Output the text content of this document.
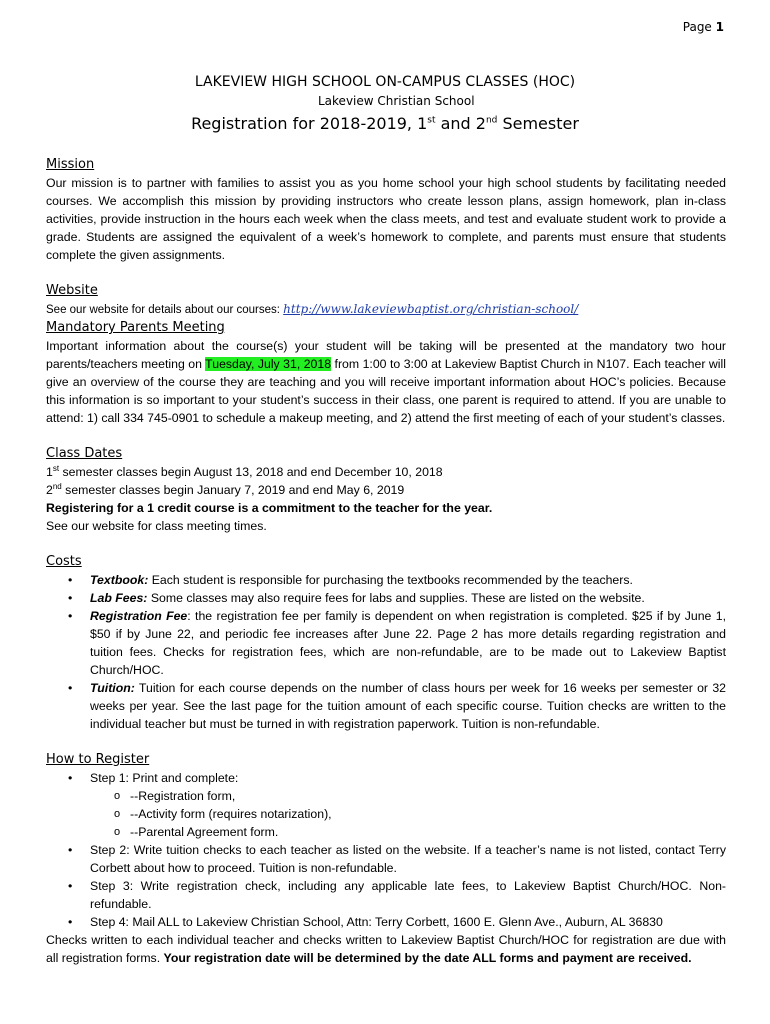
Page 1
LAKEVIEW HIGH SCHOOL ON-CAMPUS CLASSES (HOC)
Lakeview Christian School
Registration for 2018-2019, 1st and 2nd Semester
Mission

Our mission is to partner with families to assist you as you home school your high school students by facilitating needed courses. We accomplish this mission by providing instructors who create lesson plans, assign homework, plan in-class activities, provide instruction in the hours each week when the class meets, and test and evaluate student work to provide a grade. Students are assigned the equivalent of a week’s homework to complete, and parents must ensure that students complete the given assignments.

Website
See our website for details about our courses: http://www.lakeviewbaptist.org/christian-school/
Mandatory Parents Meeting

Important information about the course(s) your student will be taking will be presented at the mandatory two hour parents/teachers meeting on Tuesday, July 31, 2018 from 1:00 to 3:00 at Lakeview Baptist Church in N107. Each teacher will give an overview of the course they are teaching and you will receive important information about HOC’s policies. Because this information is so important to your student’s success in their class, one parent is required to attend. If you are unable to attend: 1) call 334 745-0901 to schedule a makeup meeting, and 2) attend the first meeting of each of your student’s classes.

Class Dates
1st semester classes begin August 13, 2018 and end December 10, 2018
2nd semester classes begin January 7, 2019 and end May 6, 2019
Registering for a 1 credit course is a commitment to the teacher for the year.
See our website for class meeting times.
Costs
• Textbook: Each student is responsible for purchasing the textbooks recommended by the teachers.
• Lab Fees: Some classes may also require fees for labs and supplies. These are listed on the website.
• Registration Fee: the registration fee per family is dependent on when registration is completed. $25 if by June 1, $50 if by June 22, and periodic fee increases after June 22. Page 2 has more details regarding registration and tuition fees. Checks for registration fees, which are non-refundable, are to be made out to Lakeview Baptist Church/HOC.
• Tuition: Tuition for each course depends on the number of class hours per week for 16 weeks per semester or 32 weeks per year. See the last page for the tuition amount of each specific course. Tuition checks are written to the individual teacher but must be turned in with registration paperwork. Tuition is non-refundable.
How to Register
• Step 1: Print and complete:
o --Registration form,
o --Activity form (requires notarization),
o --Parental Agreement form.
• Step 2: Write tuition checks to each teacher as listed on the website. If a teacher’s name is not listed, contact Terry Corbett about how to proceed. Tuition is non-refundable.
• Step 3: Write registration check, including any applicable late fees, to Lakeview Baptist Church/HOC. Non-refundable.
• Step 4: Mail ALL to Lakeview Christian School, Attn: Terry Corbett, 1600 E. Glenn Ave., Auburn, AL 36830

Checks written to each individual teacher and checks written to Lakeview Baptist Church/HOC for registration are due with all registration forms. Your registration date will be determined by the date ALL forms and payment are received.
